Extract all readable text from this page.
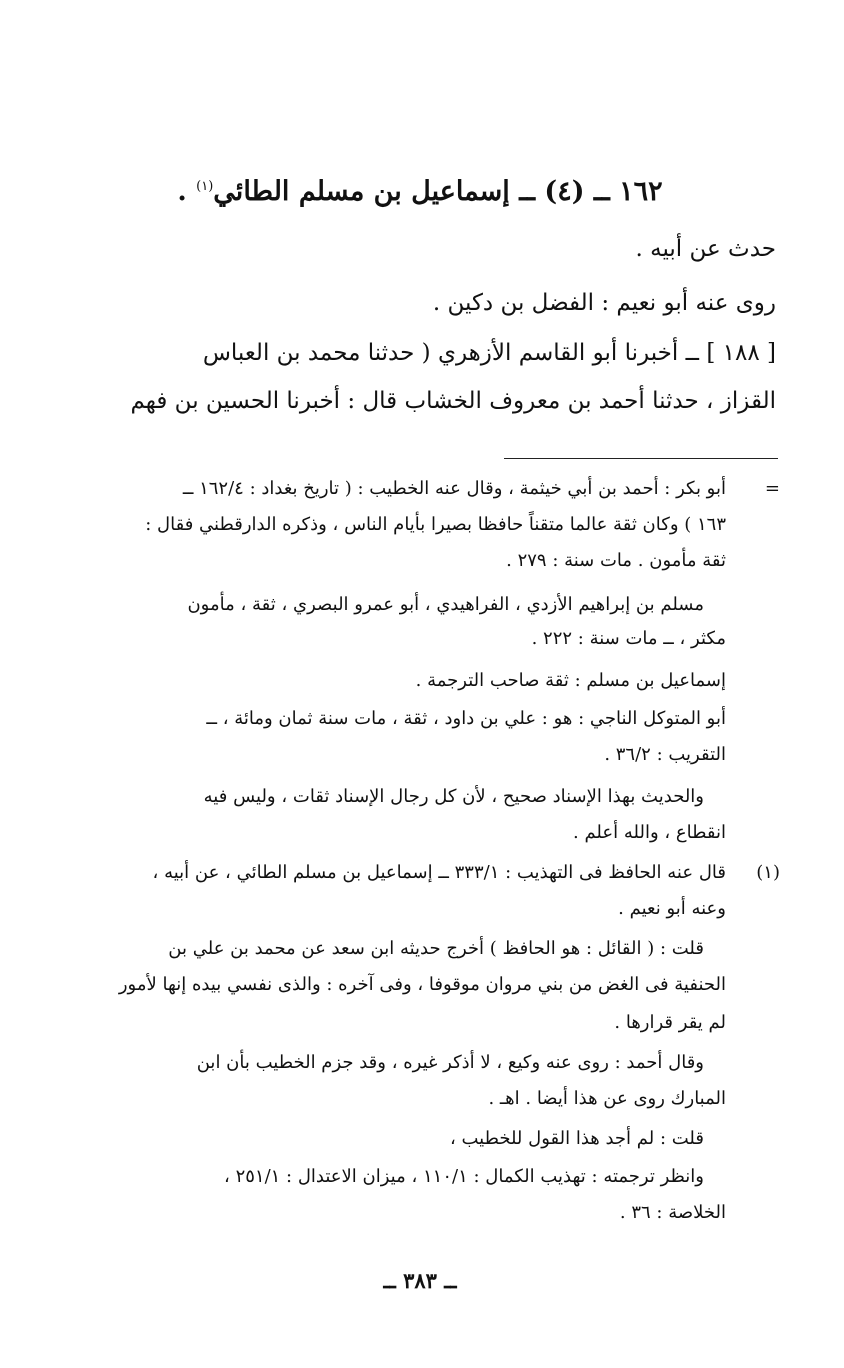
١٦٢ ــ (٤) ــ إسماعيل بن مسلم الطائي$^{(١)}$ .
حدث عن أبيه .
روى عنه أبو نعيم : الفضل بن دكين .
[ ١٨٨ ] ــ أخبرنا أبو القاسم الأزهري ( حدثنا محمد بن العباس
القزاز ، حدثنا أحمد بن معروف الخشاب قال : أخبرنا الحسين بن فهم
=
أبو بكر : أحمد بن أبي خيثمة ، وقال عنه الخطيب : ( تاريخ بغداد : ١٦٢/٤ ــ
١٦٣ ) وكان ثقة عالما متقناً حافظا بصيرا بأيام الناس ، وذكره الدارقطني فقال :
ثقة مأمون . مات سنة : ٢٧٩ .
مسلم بن إبراهيم الأزدي ، الفراهيدي ، أبو عمرو البصري ، ثقة ، مأمون
مكثر ، ــ مات سنة : ٢٢٢ .
إسماعيل بن مسلم : ثقة صاحب الترجمة .
أبو المتوكل الناجي : هو : علي بن داود ، ثقة ، مات سنة ثمان ومائة ، ــ
التقريب : ٣٦/٢ .
والحديث بهذا الإسناد صحيح ، لأن كل رجال الإسناد ثقات ، وليس فيه
انقطاع ، والله أعلم .
(١)
قال عنه الحافظ فى التهذيب : ٣٣٣/١ ــ إسماعيل بن مسلم الطائي ، عن أبيه ،
وعنه أبو نعيم .
قلت : ( القائل : هو الحافظ ) أخرج حديثه ابن سعد عن محمد بن علي بن
الحنفية فى الغض من بني مروان موقوفا ، وفى آخره : والذى نفسي بيده إنها لأمور
لم يقر قرارها .
وقال أحمد : روى عنه وكيع ، لا أذكر غيره ، وقد جزم الخطيب بأن ابن
المبارك روى عن هذا أيضا . اهـ .
قلت : لم أجد هذا القول للخطيب ،
وانظر ترجمته : تهذيب الكمال : ١١٠/١ ، ميزان الاعتدال : ٢٥١/١ ،
الخلاصة : ٣٦ .
ــ ٣٨٣ ــ
